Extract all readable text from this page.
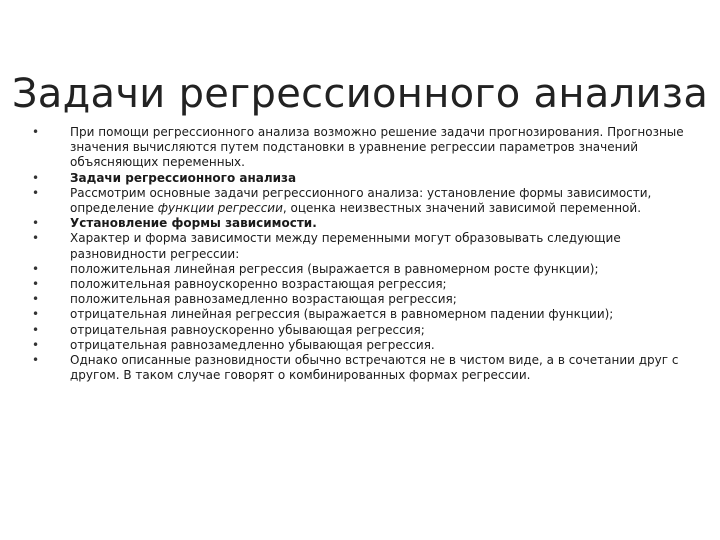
Задачи регрессионного анализа
•	При помощи регрессионного анализа возможно решение задачи прогнозирования. Прогнозные значения вычисляются путем подстановки в уравнение регрессии параметров значений объясняющих переменных.
•	Задачи регрессионного анализа
•	Рассмотрим основные задачи регрессионного анализа: установление формы зависимости, определение функции регрессии, оценка неизвестных значений зависимой переменной.
•	Установление формы зависимости.
•	Характер и форма зависимости между переменными могут образовывать следующие разновидности регрессии:
•	положительная линейная регрессия (выражается в равномерном росте функции);
•	положительная равноускоренно возрастающая регрессия;
•	положительная равнозамедленно возрастающая регрессия;
•	отрицательная линейная регрессия (выражается в равномерном падении функции);
•	отрицательная равноускоренно убывающая регрессия;
•	отрицательная равнозамедленно убывающая регрессия.
•	Однако описанные разновидности обычно встречаются не в чистом виде, а в сочетании друг с другом. В таком случае говорят о комбинированных формах регрессии.
